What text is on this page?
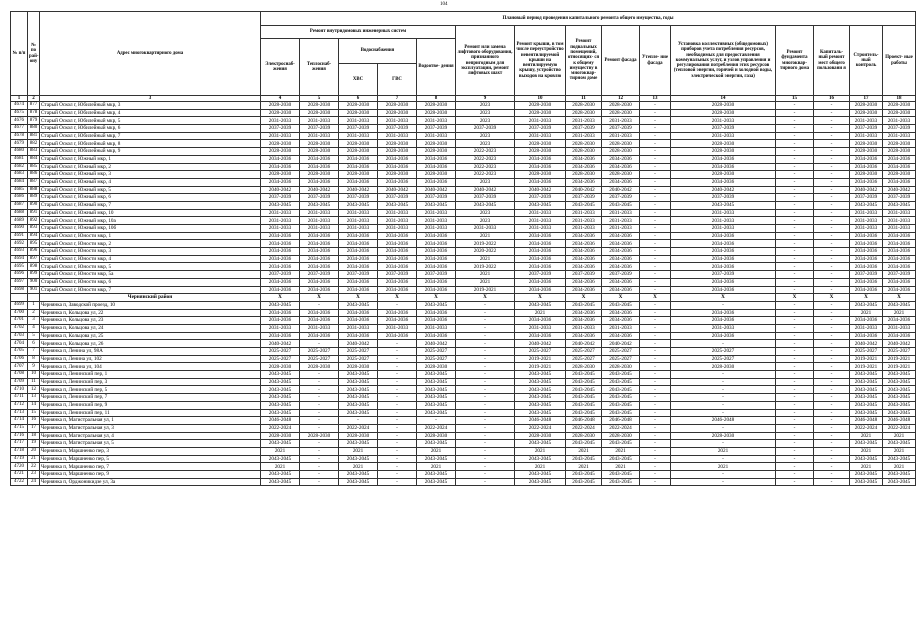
104
№ п/п	№ по рай- ону	Адрес многоквартирного дома	Плановый период проведения капитального ремонта общего имущества, годы														
			Ремонт внутридомовых инженерных систем					Ремонт или замена лифтового оборудования, признанного непригодным для эксплуатации, ремонт лифтовых шахт	Ремонт крыши, в том числе переустройство невентилируемой крыши на вентилируемую крышу, устройство выходов на кровлю	Ремонт подвальных помещений, относящих- ся к общему имуществу в многоквар- тирном доме	Ремонт фасада	Утепле- ние фасада	Установка коллективных (общедомовых) приборов учета потребления ресурсов, необходимых для предоставления коммунальных услуг, и узлов управления и регулирования потребления этих ресурсов (тепловой энергии, горячей и холодной воды, электрической энергии, газа)	Ремонт фундамента многоквар- тирного дома	Капиталь- ный ремонт мест общего пользовани я	Строитель- ный контроль	Проект- ные работы
			Электроснаб- жения	Теплоснаб- жения	Водоснабжения		Водоотве- дения										
					ХВС	ГВС											
1	2	3	4	5	6	7	8	9	10	11	12	13	14	15	16	17	18
4674	877	Старый Оскол г, Юбилейный мкр, 3	2028-2030	2028-2030	2028-2030	2028-2030	2028-2030	2023	2028-2030	2028-2030	2028-2030	-	2028-2030	-	-	2028-2030	2028-2030
4675	878	Старый Оскол г, Юбилейный мкр, 4	2028-2030	2028-2030	2028-2030	2028-2030	2028-2030	2023	2028-2030	2028-2030	2028-2030	-	2028-2030	-	-	2028-2030	2028-2030
4676	879	Старый Оскол г, Юбилейный мкр, 5	2031-2033	2031-2033	2031-2033	2031-2033	2031-2033	2023	2031-2033	2031-2033	2031-2033	-	2031-2033	-	-	2031-2033	2031-2033
4677	880	Старый Оскол г, Юбилейный мкр, 6	2037-2039	2037-2039	2037-2039	2037-2039	2037-2039	2037-2039	2037-2039	2037-2039	2037-2039	-	2037-2039	-	-	2037-2039	2037-2039
4678	881	Старый Оскол г, Юбилейный мкр, 7	2031-2033	2031-2033	2031-2033	2031-2033	2031-2033	2023	2031-2033	2031-2033	2031-2033	-	2031-2033	-	-	2031-2033	2031-2033
4679	882	Старый Оскол г, Юбилейный мкр, 8	2028-2030	2028-2030	2028-2030	2028-2030	2028-2030	2023	2028-2030	2028-2030	2028-2030	-	2028-2030	-	-	2028-2030	2028-2030
4680	883	Старый Оскол г, Юбилейный мкр, 9	2028-2030	2028-2030	2028-2030	2028-2030	2028-2030	2022-2023	2028-2030	2028-2030	2028-2030	-	2028-2030	-	-	2028-2030	2028-2030
4681	884	Старый Оскол г, Южный мкр, 1	2034-2036	2034-2036	2034-2036	2034-2036	2034-2036	2022-2023	2034-2036	2034-2036	2034-2036	-	2034-2036	-	-	2034-2036	2034-2036
4682	885	Старый Оскол г, Южный мкр, 2	2034-2036	2034-2036	2034-2036	2034-2036	2034-2036	2022-2023	2034-2036	2034-2036	2034-2036	-	2034-2036	-	-	2034-2036	2034-2036
4683	886	Старый Оскол г, Южный мкр, 3	2028-2030	2028-2030	2028-2030	2028-2030	2028-2030	2022-2023	2028-2030	2028-2030	2028-2030	-	2028-2030	-	-	2028-2030	2028-2030
4684	887	Старый Оскол г, Южный мкр, 4	2034-2036	2034-2036	2034-2036	2034-2036	2034-2036	2023	2034-2036	2034-2036	2034-2036	-	2034-2036	-	-	2034-2036	2034-2036
4685	888	Старый Оскол г, Южный мкр, 5	2040-2042	2040-2042	2040-2042	2040-2042	2040-2042	2040-2042	2040-2042	2040-2042	2040-2042	-	2040-2042	-	-	2040-2042	2040-2042
4686	889	Старый Оскол г, Южный мкр, 6	2037-2039	2037-2039	2037-2039	2037-2039	2037-2039	2037-2039	2037-2039	2037-2039	2037-2039	-	2037-2039	-	-	2037-2039	2037-2039
4687	890	Старый Оскол г, Южный мкр, 7	2043-2045	2043-2045	2043-2045	2043-2045	2043-2045	2043-2045	2043-2045	2043-2045	2043-2045	-	2043-2045	-	-	2043-2045	2043-2045
4688	891	Старый Оскол г, Южный мкр, 10	2031-2033	2031-2033	2031-2033	2031-2033	2031-2033	2023	2031-2033	2031-2033	2031-2033	-	2031-2033	-	-	2031-2033	2031-2033
4689	892	Старый Оскол г, Южный мкр, 10а	2031-2033	2031-2033	2031-2033	2031-2033	2031-2033	2023	2031-2033	2031-2033	2031-2033	-	2031-2033	-	-	2031-2033	2031-2033
4690	893	Старый Оскол г, Южный мкр, 10б	2031-2033	2031-2033	2031-2033	2031-2033	2031-2033	2031-2033	2031-2033	2031-2033	2031-2033	-	2031-2033	-	-	2031-2033	2031-2033
4691	894	Старый Оскол г, Юности мкр, 1	2034-2036	2034-2036	2034-2036	2034-2036	2034-2036	2021	2034-2036	2034-2036	2034-2036	-	2034-2036	-	-	2034-2036	2034-2036
4692	895	Старый Оскол г, Юности мкр, 2	2034-2036	2034-2036	2034-2036	2034-2036	2034-2036	2019-2022	2034-2036	2034-2036	2034-2036	-	2034-2036	-	-	2034-2036	2034-2036
4693	896	Старый Оскол г, Юности мкр, 3	2034-2036	2034-2036	2034-2036	2034-2036	2034-2036	2020-2022	2034-2036	2034-2036	2034-2036	-	2034-2036	-	-	2034-2036	2034-2036
4694	897	Старый Оскол г, Юности мкр, 4	2034-2036	2034-2036	2034-2036	2034-2036	2034-2036	2021	2034-2036	2034-2036	2034-2036	-	2034-2036	-	-	2034-2036	2034-2036
4695	898	Старый Оскол г, Юности мкр, 5	2034-2036	2034-2036	2034-2036	2034-2036	2034-2036	2019-2022	2034-2036	2034-2036	2034-2036	-	2034-2036	-	-	2034-2036	2034-2036
4696	899	Старый Оскол г, Юности мкр, 5а	2037-2039	2037-2039	2037-2039	2037-2039	2037-2039	2021	2037-2039	2037-2039	2037-2039	-	2037-2039	-	-	2037-2039	2037-2039
4697	900	Старый Оскол г, Юности мкр, 6	2034-2036	2034-2036	2034-2036	2034-2036	2034-2036	2021	2034-2036	2034-2036	2034-2036	-	2034-2036	-	-	2034-2036	2034-2036
4698	901	Старый Оскол г, Юности мкр, 7	2034-2036	2034-2036	2034-2036	2034-2036	2034-2036	2019-2021	2034-2036	2034-2036	2034-2036	-	2034-2036	-	-	2034-2036	2034-2036
		Чернянский район	X	X	X	X	X	X	X	X	X	X	X	X	X	X	X
4699	1	Чернянка п, Заводской проезд, 10	2043-2045	-	2043-2045	-	2043-2045	-	2043-2045	2043-2045	2043-2045	-	-	-	-	2043-2045	2043-2045
4700	2	Чернянка п, Кольцова ул, 22	2034-2036	2034-2036	2034-2036	2034-2036	2034-2036	-	2021	2034-2036	2034-2036	-	2034-2036	-	-	2021	2021
4701	3	Чернянка п, Кольцова ул, 23	2034-2036	2034-2036	2034-2036	2034-2036	2034-2036	-	2034-2036	2034-2036	2034-2036	-	2034-2036	-	-	2034-2036	2034-2036
4702	4	Чернянка п, Кольцова ул, 24	2031-2033	2031-2033	2031-2033	2031-2033	2031-2033	-	2031-2033	2031-2033	2031-2033	-	2031-2033	-	-	2031-2033	2031-2033
4703	5	Чернянка п, Кольцова ул, 25	2034-2036	2034-2036	2034-2036	2034-2036	2034-2036	-	2034-2036	2034-2036	2034-2036	-	2034-2036	-	-	2034-2036	2034-2036
4704	6	Чернянка п, Кольцова ул, 26	2040-2042	-	2040-2042	-	2040-2042	-	2040-2042	2040-2042	2040-2042	-	-	-	-	2040-2042	2040-2042
4705	7	Чернянка п, Ленина ул, 98А	2025-2027	2025-2027	2025-2027	-	2025-2027	-	2025-2027	2025-2027	2025-2027	-	2025-2027	-	-	2025-2027	2025-2027
4706	8	Чернянка п, Ленина ул, 102	2025-2027	2025-2027	2025-2027	-	2025-2027	-	2019-2021	2025-2027	2025-2027	-	2025-2027	-	-	2019-2021	2019-2021
4707	9	Чернянка п, Ленина ул, 104	2028-2030	2028-2030	2028-2030	-	2028-2030	-	2019-2021	2028-2030	2028-2030	-	2028-2030	-	-	2019-2021	2019-2021
4708	10	Чернянка п, Ленинский пер, 1	2043-2045	-	2043-2045	-	2043-2045	-	2043-2045	2043-2045	2043-2045	-	-	-	-	2043-2045	2043-2045
4709	11	Чернянка п, Ленинский пер, 3	2043-2045	-	2043-2045	-	2043-2045	-	2043-2045	2043-2045	2043-2045	-	-	-	-	2043-2045	2043-2045
4710	12	Чернянка п, Ленинский пер, 5	2043-2045	-	2043-2045	-	2043-2045	-	2043-2045	2043-2045	2043-2045	-	-	-	-	2043-2045	2043-2045
4711	13	Чернянка п, Ленинский пер, 7	2043-2045	-	2043-2045	-	2043-2045	-	2043-2045	2043-2045	2043-2045	-	-	-	-	2043-2045	2043-2045
4712	14	Чернянка п, Ленинский пер, 9	2043-2045	-	2043-2045	-	2043-2045	-	2043-2045	2043-2045	2043-2045	-	-	-	-	2043-2045	2043-2045
4713	15	Чернянка п, Ленинский пер, 11	2043-2045	-	2043-2045	-	2043-2045	-	2043-2045	2043-2045	2043-2045	-	-	-	-	2043-2045	2043-2045
4714	16	Чернянка п, Магистральная ул, 1	2046-2048	-	-	-	-	-	2046-2048	2046-2048	2046-2048	-	2046-2048	-	-	2046-2048	2046-2048
4715	17	Чернянка п, Магистральная ул, 3	2022-2024	-	2022-2024	-	2022-2024	-	2022-2024	2022-2024	2022-2024	-	-	-	-	2022-2024	2022-2024
4716	18	Чернянка п, Магистральная ул, 4	2028-2030	2028-2030	2028-2030	-	2028-2030	-	2028-2030	2028-2030	2028-2030	-	2028-2030	-	-	2021	2021
4717	19	Чернянка п, Магистральная ул, 5	2043-2045	-	2043-2045	-	2043-2045	-	2043-2045	2043-2045	2043-2045	-	-	-	-	2043-2045	2043-2045
4718	20	Чернянка п, Маршненко пер, 3	2021	-	2021	-	2021	-	2021	2021	2021	-	2021	-	-	2021	2021
4719	21	Чернянка п, Маршненко пер, 5	2043-2045	-	2043-2045	-	2043-2045	-	2043-2045	2043-2045	2043-2045	-	-	-	-	2043-2045	2043-2045
4720	22	Чернянка п, Маршненко пер, 7	2021	-	2021	-	2021	-	2021	2021	2021	-	2021	-	-	2021	2021
4721	23	Чернянка п, Маршненко пер, 9	2043-2045	-	2043-2045	-	2043-2045	-	2043-2045	2043-2045	2043-2045	-	-	-	-	2043-2045	2043-2045
4722	24	Чернянка п, Орджоникидзе ул, 3а	2043-2045	-	2043-2045	-	2043-2045	-	2043-2045	2043-2045	2043-2045	-	-	-	-	2043-2045	2043-2045
